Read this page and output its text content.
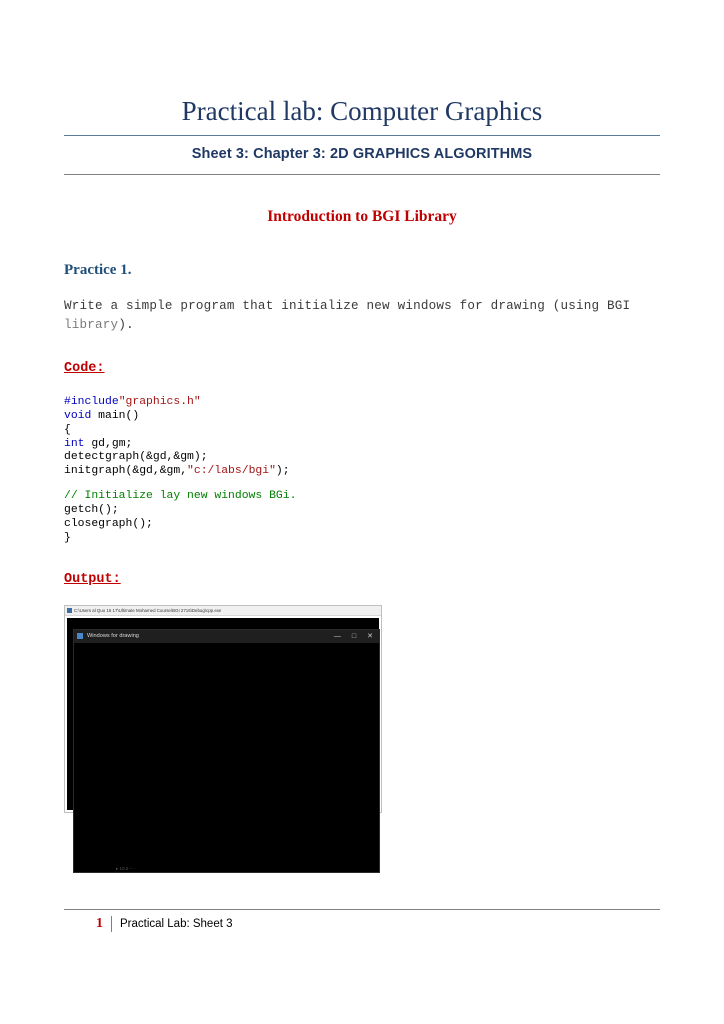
Practical lab: Computer Graphics
Sheet 3: Chapter 3: 2D GRAPHICS ALGORITHMS
Introduction to BGI Library
Practice 1.

Write a simple program that initialize new windows for drawing (using BGI library).

Code:
#include"graphics.h"
void main()
{
int gd,gm;
detectgraph(&gd,&gm);
initgraph(&gd,&gm,"c:/labs/bgi");
// Initialize lay new windows BGi.
getch();
closegraph();
}
Output:
C:\Users al Quo 16 17\Ultimate Mohamed Course\BGI 2716\Debug\cpp.exe
Windows for drawing	— □ ✕
▸ 10.2 – ·
1	Practical Lab: Sheet 3
